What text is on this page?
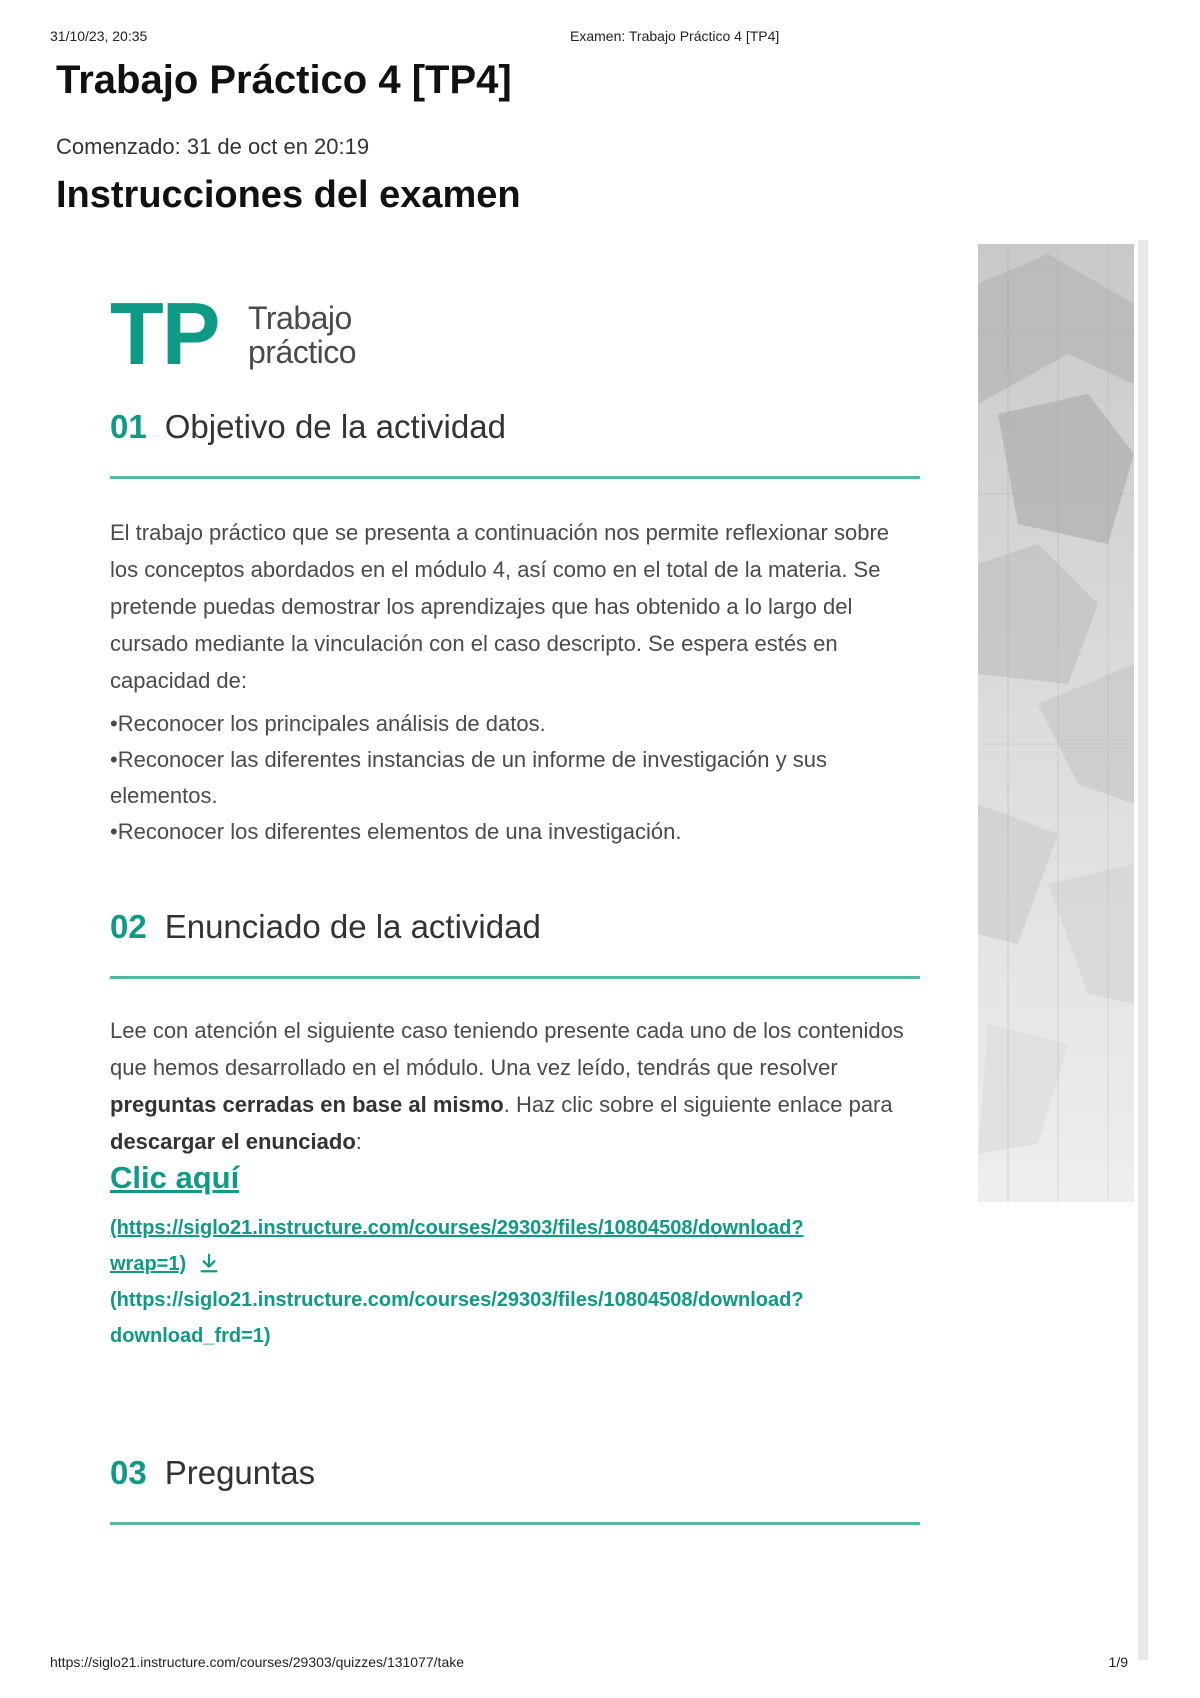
31/10/23, 20:35	Examen: Trabajo Práctico 4 [TP4]
Trabajo Práctico 4 [TP4]
Comenzado: 31 de oct en 20:19
Instrucciones del examen
TP Trabajo
práctico
01 Objetivo de la actividad

El trabajo práctico que se presenta a continuación nos permite reflexionar sobre los conceptos abordados en el módulo 4, así como en el total de la materia. Se pretende puedas demostrar los aprendizajes que has obtenido a lo largo del cursado mediante la vinculación con el caso descripto. Se espera estés en capacidad de:

• Reconocer los principales análisis de datos.
• Reconocer las diferentes instancias de un informe de investigación y sus elementos.
• Reconocer los diferentes elementos de una investigación.
02 Enunciado de la actividad

Lee con atención el siguiente caso teniendo presente cada uno de los contenidos que hemos desarrollado en el módulo. Una vez leído, tendrás que resolver preguntas cerradas en base al mismo. Haz clic sobre el siguiente enlace para descargar el enunciado:

Clic aquí
(https://siglo21.instructure.com/courses/29303/files/10804508/download?
wrap=1)
(https://siglo21.instructure.com/courses/29303/files/10804508/download?
download_frd=1)
03 Preguntas
https://siglo21.instructure.com/courses/29303/quizzes/131077/take	1/9
